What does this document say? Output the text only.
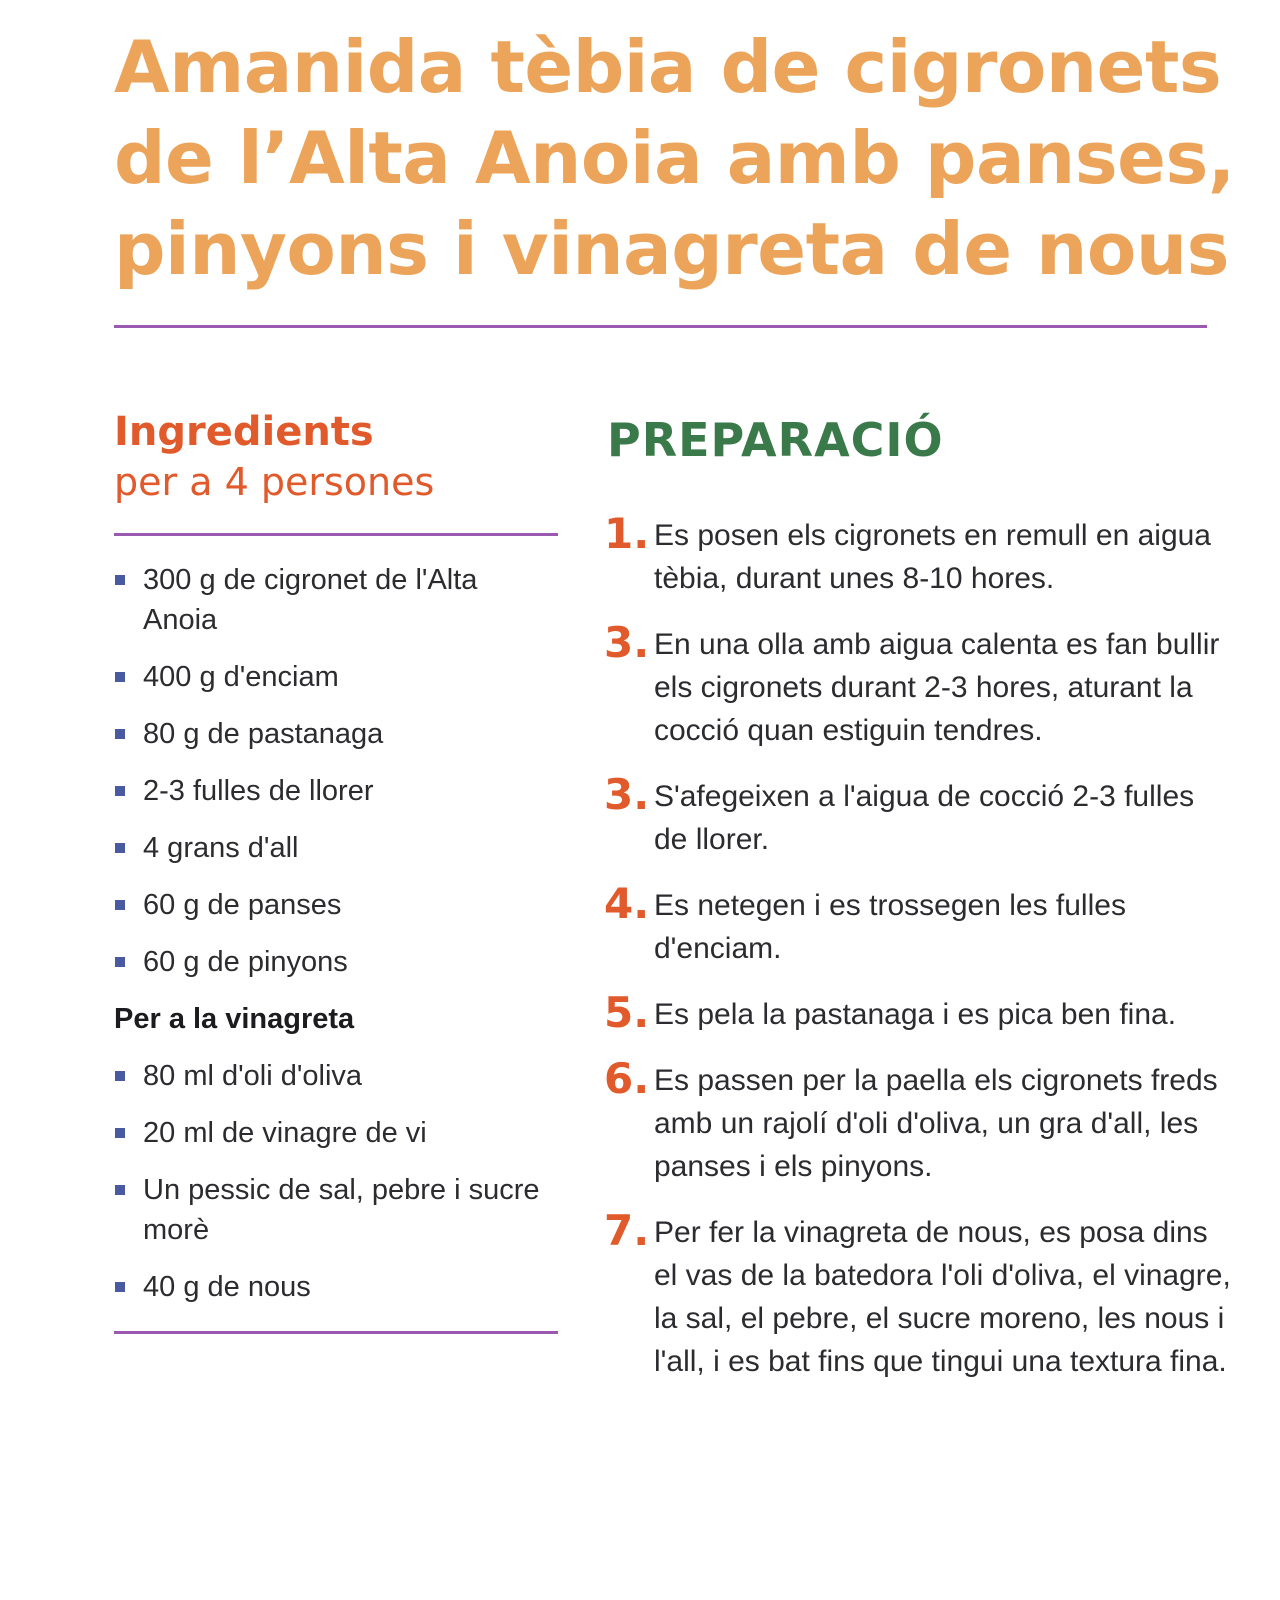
Amanida tèbia de cigronets
de l’Alta Anoia amb panses,
pinyons i vinagreta de nous
Ingredients
per a 4 persones
300 g de cigronet de l'Alta Anoia
400 g d'enciam
80 g de pastanaga
2-3 fulles de llorer
4 grans d'all
60 g de panses
60 g de pinyons
Per a la vinagreta
80 ml d'oli d'oliva
20 ml de vinagre de vi
Un pessic de sal, pebre i sucre morè
40 g de nous
PREPARACIÓ
1. Es posen els cigronets en remull en aigua tèbia, durant unes 8-10 hores.
3. En una olla amb aigua calenta es fan bullir els cigronets durant 2-3 hores, aturant la cocció quan estiguin tendres.
3. S'afegeixen a l'aigua de cocció 2-3 fulles de llorer.
4. Es netegen i es trossegen les fulles d'enciam.
5. Es pela la pastanaga i es pica ben fina.
6. Es passen per la paella els cigronets freds amb un rajolí d'oli d'oliva, un gra d'all, les panses i els pinyons.
7. Per fer la vinagreta de nous, es posa dins el vas de la batedora l'oli d'oliva, el vinagre, la sal, el pebre, el sucre moreno, les nous i l'all, i es bat fins que tingui una textura fina.
